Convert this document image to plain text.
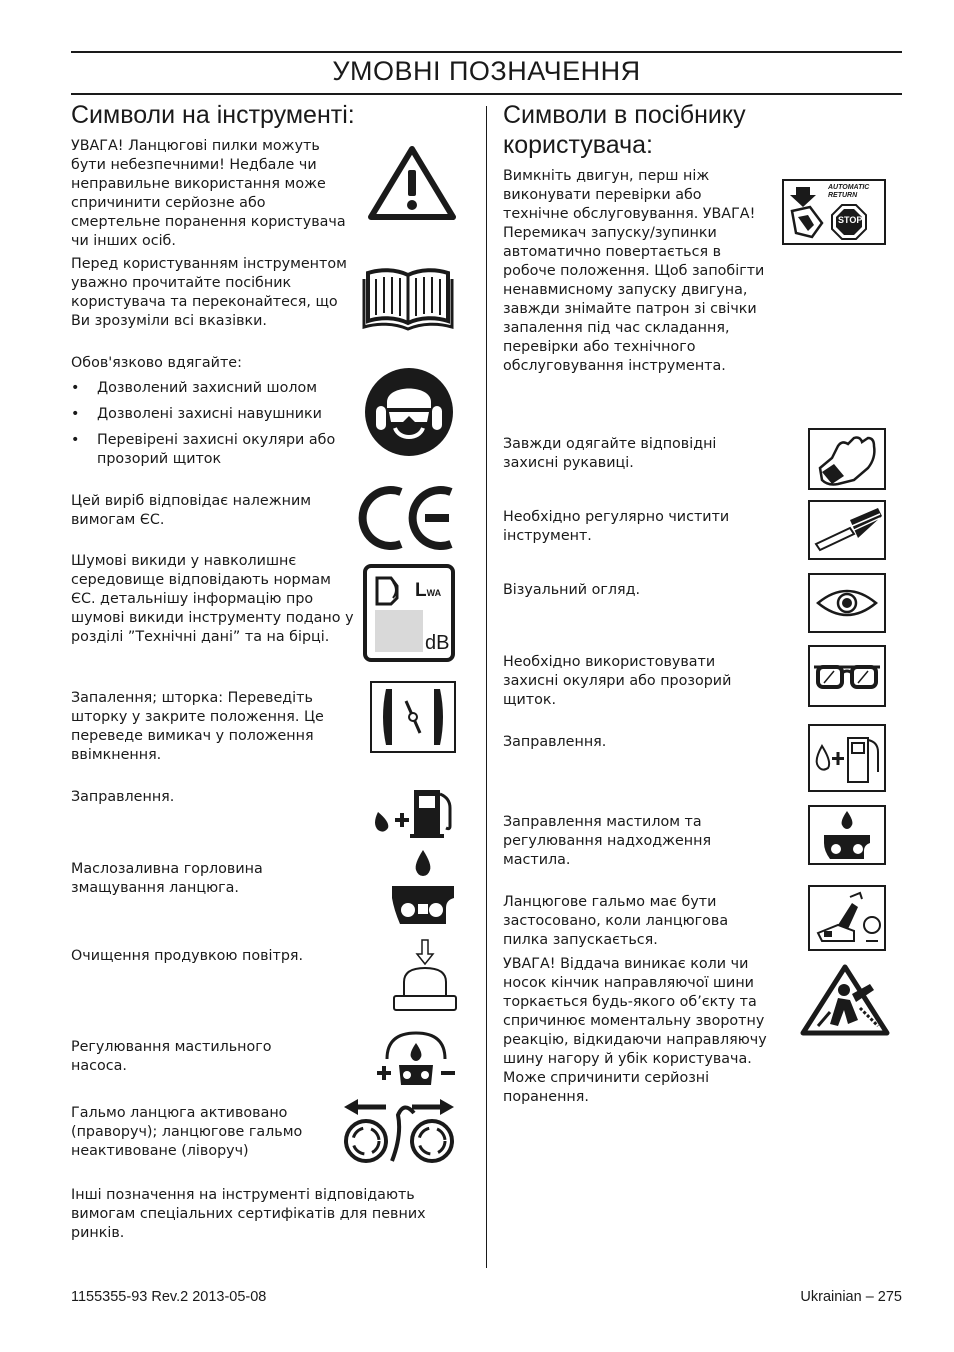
УМОВНІ ПОЗНАЧЕННЯ
Символи на інструменті:

УВАГА! Ланцюгові пилки можуть бути небезпечними! Недбале чи неправильне використання може спричинити серйозне або смертельне поранення користувача чи інших осіб.

Перед користуванням інструментом уважно прочитайте посібник користувача та переконайтеся, що Ви зрозуміли всі вказівки.

Обов'язково вдягайте:

• Дозволений захисний шолом
• Дозволені захисні навушники
• Перевірені захисні окуляри або прозорий щиток

Цей виріб відповідає належним вимогам ЄС.

Шумові викиди у навколишнє середовище відповідають нормам ЄС. детальнішу інформацію про шумові викиди інструменту подано у розділі ”Технічні дані” та на бірці.

LWA
dB

Запалення; шторка: Переведіть шторку у закрите положення. Це переведе вимикач у положення ввімкнення.

Заправлення.

Маслозаливна горловина змащування ланцюга.

Очищення продувкою повітря.

Регулювання мастильного насоса.

Гальмо ланцюга активовано (праворуч); ланцюгове гальмо неактивоване (ліворуч)

Інші позначення на інструменті відповідають вимогам спеціальних сертифікатів для певних ринків.

Символи в посібнику
користувача:

Вимкніть двигун, перш ніж виконувати перевірки або технічне обслуговування. УВАГА! Перемикач запуску/зупинки автоматично повертається в робоче положення. Щоб запобігти ненавмисному запуску двигуна, завжди знімайте патрон зі свічки запалення під час складання, перевірки або технічного обслуговування інструмента.

AUTOMATIC
RETURN
STOP

Завжди одягайте відповідні захисні рукавиці.

Необхідно регулярно чистити інструмент.

Візуальний огляд.

Необхідно використовувати захисні окуляри або прозорий щиток.

Заправлення.

Заправлення мастилом та регулювання надходження мастила.

Ланцюгове гальмо має бути застосовано, коли ланцюгова пилка запускається.

УВАГА! Віддача виникає коли чи носок кінчик направляючої шини торкається будь-якого об’єкту та спричинює моментальну зворотну реакцію, відкидаючи направляючу шину нагору й убік користувача. Може спричинити серйозні поранення.

1155355-93 Rev.2 2013-05-08	Ukrainian – 275
